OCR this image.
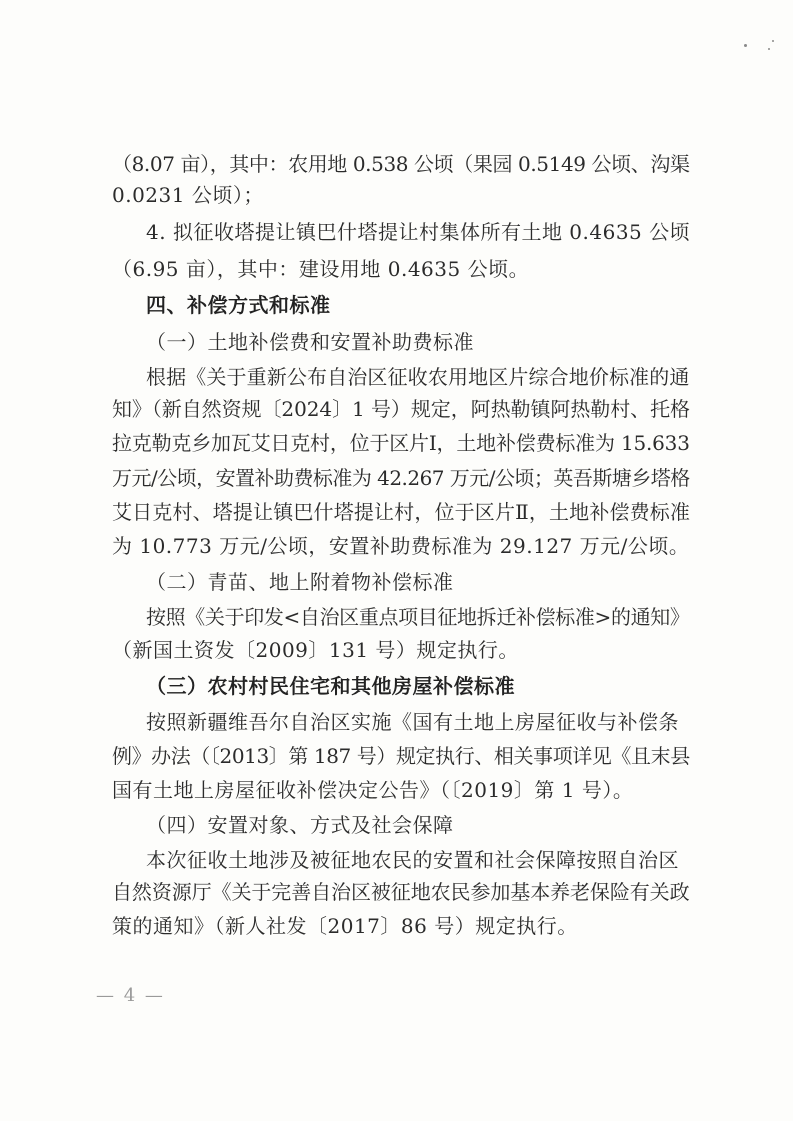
（8.07 亩），其中：农用地 0.538 公顷（果园 0.5149 公顷、沟渠
0.0231 公顷）；
4. 拟征收塔提让镇巴什塔提让村集体所有土地 0.4635 公顷
（6.95 亩），其中：建设用地 0.4635 公顷。
四、补偿方式和标准
（一）土地补偿费和安置补助费标准
根据《关于重新公布自治区征收农用地区片综合地价标准的通
知》（新自然资规〔2024〕1 号）规定，阿热勒镇阿热勒村、托格
拉克勒克乡加瓦艾日克村，位于区片Ⅰ，土地补偿费标准为 15.633
万元/公顷，安置补助费标准为 42.267 万元/公顷；英吾斯塘乡塔格
艾日克村、塔提让镇巴什塔提让村，位于区片Ⅱ，土地补偿费标准
为 10.773 万元/公顷，安置补助费标准为 29.127 万元/公顷。
（二）青苗、地上附着物补偿标准
按照《关于印发<自治区重点项目征地拆迁补偿标准>的通知》
（新国土资发〔2009〕131 号）规定执行。
（三）农村村民住宅和其他房屋补偿标准
按照新疆维吾尔自治区实施《国有土地上房屋征收与补偿条
例》办法（〔2013〕第 187 号）规定执行、相关事项详见《且末县
国有土地上房屋征收补偿决定公告》（〔2019〕第 1 号）。
（四）安置对象、方式及社会保障
本次征收土地涉及被征地农民的安置和社会保障按照自治区
自然资源厅《关于完善自治区被征地农民参加基本养老保险有关政
策的通知》（新人社发〔2017〕86 号）规定执行。
— 4 —
